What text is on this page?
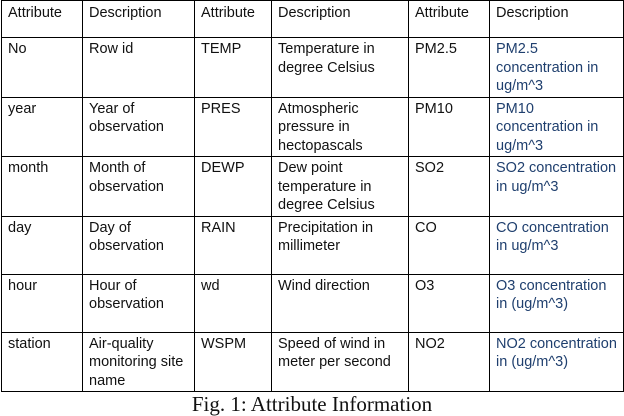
Attribute	Description	Attribute	Description	Attribute	Description
No	Row id	TEMP	Temperature in degree Celsius	PM2.5	PM2.5 concentration in ug/m^3
year	Year of observation	PRES	Atmospheric pressure in hectopascals	PM10	PM10 concentration in ug/m^3
month	Month of observation	DEWP	Dew point temperature in degree Celsius	SO2	SO2 concentration in ug/m^3
day	Day of observation	RAIN	Precipitation in millimeter	CO	CO concentration in ug/m^3
hour	Hour of observation	wd	Wind direction	O3	O3 concentration in (ug/m^3)
station	Air-quality monitoring site name	WSPM	Speed of wind in meter per second	NO2	NO2 concentration in (ug/m^3)
Fig. 1: Attribute Information
